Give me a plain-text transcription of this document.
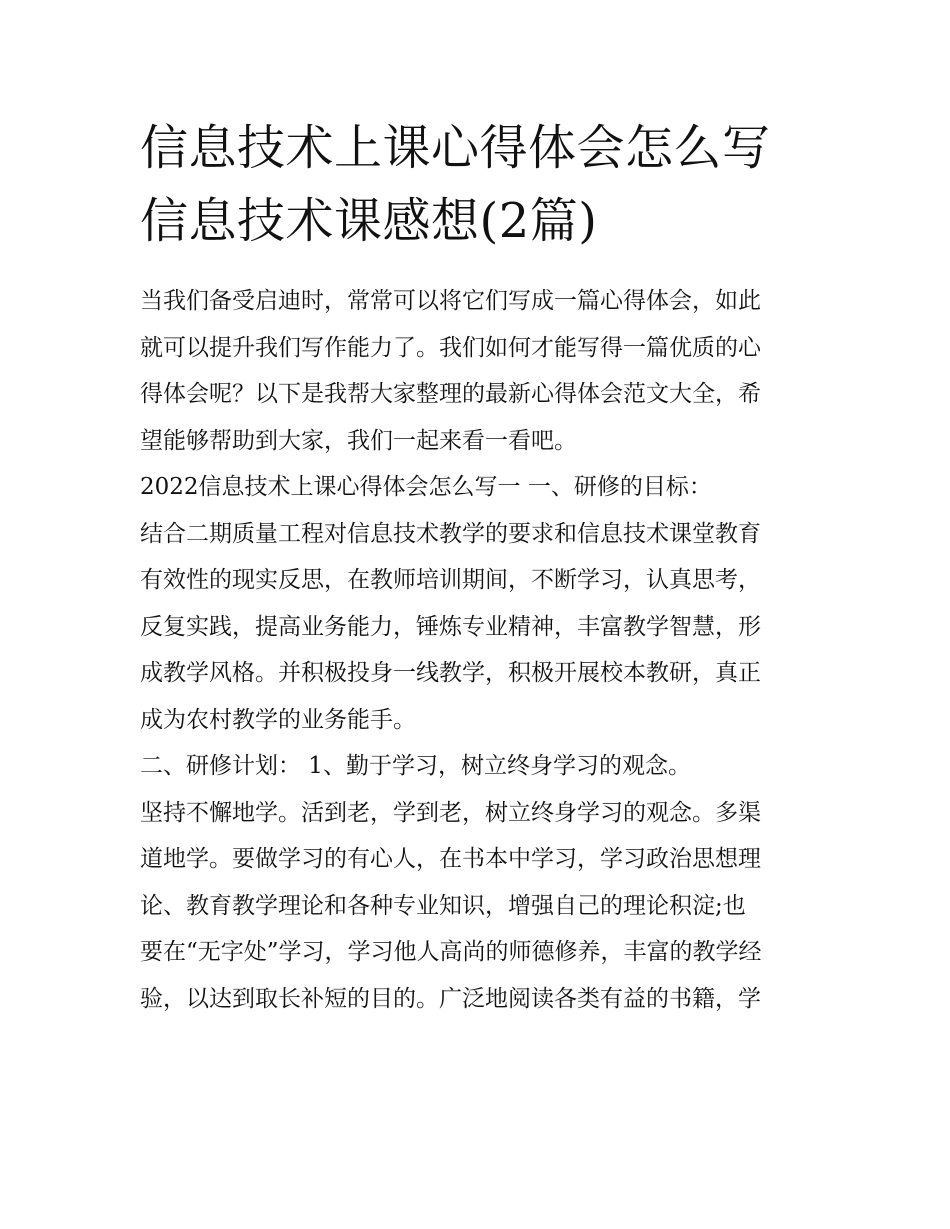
信息技术上课心得体会怎么写
信息技术课感想(2篇)
当我们备受启迪时，常常可以将它们写成一篇心得体会，如此
就可以提升我们写作能力了。我们如何才能写得一篇优质的心
得体会呢？以下是我帮大家整理的最新心得体会范文大全，希
望能够帮助到大家，我们一起来看一看吧。
2022信息技术上课心得体会怎么写一 一、研修的目标：
结合二期质量工程对信息技术教学的要求和信息技术课堂教育
有效性的现实反思，在教师培训期间，不断学习，认真思考，
反复实践，提高业务能力，锤炼专业精神，丰富教学智慧，形
成教学风格。并积极投身一线教学，积极开展校本教研，真正
成为农村教学的业务能手。
二、研修计划： 1、勤于学习，树立终身学习的观念。
坚持不懈地学。活到老，学到老，树立终身学习的观念。多渠
道地学。要做学习的有心人，在书本中学习，学习政治思想理
论、教育教学理论和各种专业知识，增强自己的理论积淀;也
要在“无字处”学习，学习他人高尚的师德修养，丰富的教学经
验，以达到取长补短的目的。广泛地阅读各类有益的书籍，学
